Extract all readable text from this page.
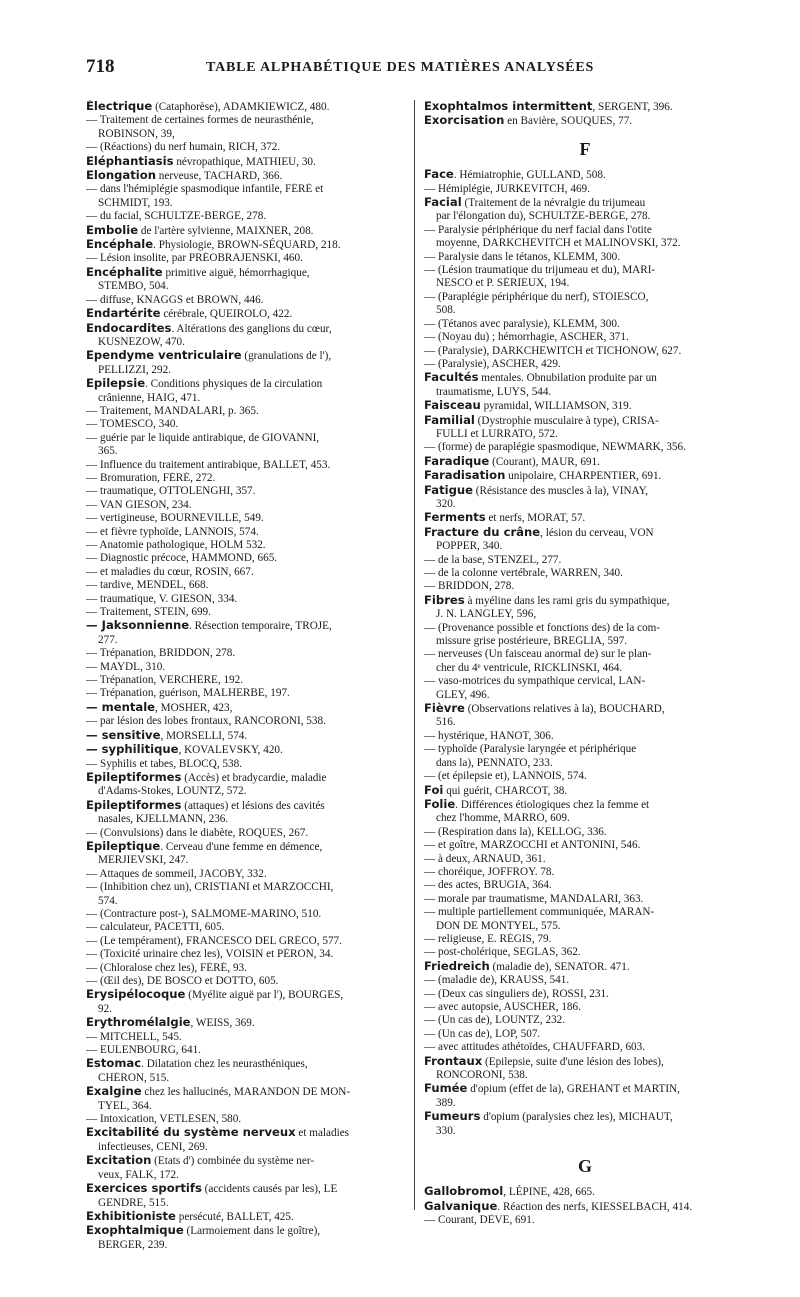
718	TABLE ALPHABÉTIQUE DES MATIÈRES ANALYSÉES

Électrique (Cataphorèse), ADAMKIEWICZ, 480.

— Traitement de certaines formes de neurasthénie,

ROBINSON, 39,

— (Réactions) du nerf humain, RICH, 372.

Eléphantiasis névropathique, MATHIEU, 30.

Elongation nerveuse, TACHARD, 366.

— dans l'hémiplégie spasmodique infantile, FÉRÉ et

SCHMIDT, 193.

— du facial, SCHULTZE-BERGE, 278.

Embolie de l'artère sylvienne, MAIXNER, 208.

Encéphale. Physiologie, BROWN-SÉQUARD, 218.

— Lésion insolite, par PRÉOBRAJENSKI, 460.

Encéphalite primitive aiguë, hémorrhagique,

STEMBO, 504.

— diffuse, KNAGGS et BROWN, 446.

Endartérite cérébrale, QUEIROLO, 422.

Endocardites. Altérations des ganglions du cœur,

KUSNEZOW, 470.

Ependyme ventriculaire (granulations de l'),

PELLIZZI, 292.

Epilepsie. Conditions physiques de la circulation

crânienne, HAIG, 471.

— Traitement, MANDALARI, p. 365.

— TOMESCO, 340.

— guérie par le liquide antirabique, de GIOVANNI,

365.

— Influence du traitement antirabique, BALLET, 453.

— Bromuration, FÉRÉ, 272.

— traumatique, OTTOLENGHI, 357.

— VAN GIESON, 234.

— vertigineuse, BOURNEVILLE, 549.

— et fièvre typhoïde, LANNOIS, 574.

— Anatomie pathologique, HOLM 532.

— Diagnostic précoce, HAMMOND, 665.

— et maladies du cœur, ROSIN, 667.

— tardive, MENDEL, 668.

— traumatique, V. GIESON, 334.

— Traitement, STEIN, 699.

— Jaksonnienne. Résection temporaire, TROJE,

277.

— Trépanation, BRIDDON, 278.

— MAYDL, 310.

— Trépanation, VERCHÈRE, 192.

— Trépanation, guérison, MALHERBE, 197.

— mentale, MOSHER, 423,

— par lésion des lobes frontaux, RANCORONI, 538.

— sensitive, MORSELLI, 574.

— syphilitique, KOVALEVSKY, 420.

— Syphilis et tabes, BLOCQ, 538.

Epileptiformes (Accès) et bradycardie, maladie

d'Adams-Stokes, LOUNTZ, 572.

Epileptiformes (attaques) et lésions des cavités

nasales, KJELLMANN, 236.

— (Convulsions) dans le diabète, ROQUES, 267.

Epileptique. Cerveau d'une femme en démence,

MERJIEVSKI, 247.

— Attaques de sommeil, JACOBY, 332.

— (Inhibition chez un), CRISTIANI et MARZOCCHI,

574.

— (Contracture post-), SALMOME-MARINO, 510.

— calculateur, PACETTI, 605.

— (Le tempérament), FRANCESCO DEL GRÉCO, 577.

— (Toxicité urinaire chez les), VOISIN et PÉRON, 34.

— (Chloralose chez les), FÉRÉ, 93.

— (Œil des), DE BOSCO et DOTTO, 605.

Erysipélocoque (Myélite aiguë par l'), BOURGES,

92.

Erythromélalgie, WEISS, 369.

— MITCHELL, 545.

— EULENBOURG, 641.

Estomac. Dilatation chez les neurasthéniques,

CHÉRON, 515.

Exalgine chez les hallucinés, MARANDON DE MON-

TYEL, 364.

— Intoxication, VETLESEN, 580.

Excitabilité du système nerveux et maladies

infectieuses, CENI, 269.

Excitation (Etats d') combinée du système ner-

veux, FALK, 172.

Exercices sportifs (accidents causés par les), LE

GENDRE, 515.

Exhibitioniste persécuté, BALLET, 425.

Exophtalmique (Larmoiement dans le goître),

BERGER, 239.

Exophtalmos intermittent, SERGENT, 396.

Exorcisation en Bavière, SOUQUES, 77.

F

Face. Hémiatrophie, GULLAND, 508.

— Hémiplégie, JURKEVITCH, 469.

Facial (Traitement de la névralgie du trijumeau

par l'élongation du), SCHULTZE-BERGE, 278.

— Paralysie périphérique du nerf facial dans l'otite

moyenne, DARKCHEVITCH et MALINOVSKI, 372.

— Paralysie dans le tétanos, KLEMM, 300.

— (Lésion traumatique du trijumeau et du), MARI-

NESCO et P. SÉRIEUX, 194.

— (Paraplégie périphérique du nerf), STOIESCO,

508.

— (Tétanos avec paralysie), KLEMM, 300.

— (Noyau du) ; hémorrhagie, ASCHER, 371.

— (Paralysie), DARKCHEWITCH et TICHONOW, 627.

— (Paralysie), ASCHER, 429.

Facultés mentales. Obnubilation produite par un

traumatisme, LUYS, 544.

Faisceau pyramidal, WILLIAMSON, 319.

Familial (Dystrophie musculaire à type), CRISA-

FULLI et LURRATO, 572.

— (forme) de paraplégie spasmodique, NEWMARK, 356.

Faradique (Courant), MAUR, 691.

Faradisation unipolaire, CHARPENTIER, 691.

Fatigue (Résistance des muscles à la), VINAY,

320.

Ferments et nerfs, MORAT, 57.

Fracture du crâne, lésion du cerveau, VON

POPPER, 340.

— de la base, STENZEL, 277.

— de la colonne vertébrale, WARREN, 340.

— BRIDDON, 278.

Fibres à myéline dans les rami gris du sympathique,

J. N. LANGLEY, 596,

— (Provenance possible et fonctions des) de la com-

missure grise postérieure, BREGLIA, 597.

— nerveuses (Un faisceau anormal de) sur le plan-

cher du 4ᵉ ventricule, RICKLINSKI, 464.

— vaso-motrices du sympathique cervical, LAN-

GLEY, 496.

Fièvre (Observations relatives à la), BOUCHARD,

516.

— hystérique, HANOT, 306.

— typhoïde (Paralysie laryngée et périphérique

dans la), PENNATO, 233.

— (et épilepsie et), LANNOIS, 574.

Foi qui guérit, CHARCOT, 38.

Folie. Différences étiologiques chez la femme et

chez l'homme, MARRO, 609.

— (Respiration dans la), KELLOG, 336.

— et goître, MARZOCCHI et ANTONINI, 546.

— à deux, ARNAUD, 361.

— choréique, JOFFROY. 78.

— des actes, BRUGIA, 364.

— morale par traumatisme, MANDALARI, 363.

— multiple partiellement communiquée, MARAN-

DON DE MONTYEL, 575.

— religieuse, E. RÉGIS, 79.

— post-cholérique, SEGLAS, 362.

Friedreich (maladie de), SENATOR. 471.

— (maladie de), KRAUSS, 541.

— (Deux cas singuliers de), ROSSI, 231.

— avec autopsie, AUSCHER, 186.

— (Un cas de), LOUNTZ, 232.

— (Un cas de), LOP, 507.

— avec attitudes athétoïdes, CHAUFFARD, 603.

Frontaux (Epilepsie, suite d'une lésion des lobes),

RONCORONI, 538.

Fumée d'opium (effet de la), GREHANT et MARTIN,

389.

Fumeurs d'opium (paralysies chez les), MICHAUT,

330.

G

Gallobromol, LÉPINE, 428, 665.

Galvanique. Réaction des nerfs, KIESSELBACH, 414.

— Courant, DÈVE, 691.
